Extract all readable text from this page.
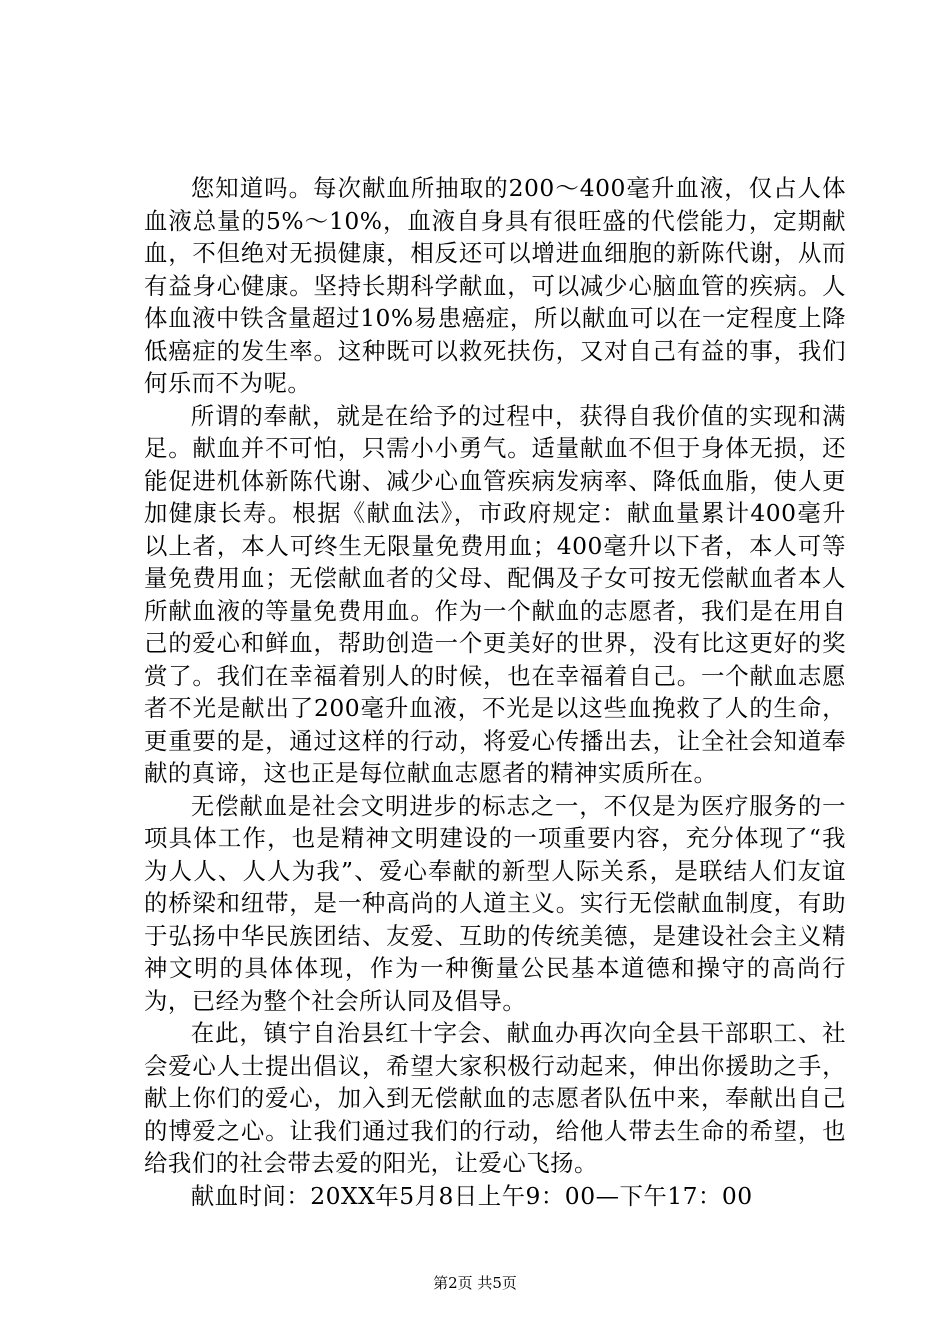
您知道吗。每次献血所抽取的200～400毫升血液，仅占人体血液总量的5%～10%，血液自身具有很旺盛的代偿能力，定期献血，不但绝对无损健康，相反还可以增进血细胞的新陈代谢，从而有益身心健康。坚持长期科学献血，可以减少心脑血管的疾病。人体血液中铁含量超过10%易患癌症，所以献血可以在一定程度上降低癌症的发生率。这种既可以救死扶伤，又对自己有益的事，我们何乐而不为呢。

所谓的奉献，就是在给予的过程中，获得自我价值的实现和满足。献血并不可怕，只需小小勇气。适量献血不但于身体无损，还能促进机体新陈代谢、减少心血管疾病发病率、降低血脂，使人更加健康长寿。根据《献血法》，市政府规定：献血量累计400毫升以上者，本人可终生无限量免费用血；400毫升以下者，本人可等量免费用血；无偿献血者的父母、配偶及子女可按无偿献血者本人所献血液的等量免费用血。作为一个献血的志愿者，我们是在用自己的爱心和鲜血，帮助创造一个更美好的世界，没有比这更好的奖赏了。我们在幸福着别人的时候，也在幸福着自己。一个献血志愿者不光是献出了200毫升血液，不光是以这些血挽救了人的生命，更重要的是，通过这样的行动，将爱心传播出去，让全社会知道奉献的真谛，这也正是每位献血志愿者的精神实质所在。

无偿献血是社会文明进步的标志之一，不仅是为医疗服务的一项具体工作，也是精神文明建设的一项重要内容，充分体现了“我为人人、人人为我”、爱心奉献的新型人际关系，是联结人们友谊的桥梁和纽带，是一种高尚的人道主义。实行无偿献血制度，有助于弘扬中华民族团结、友爱、互助的传统美德，是建设社会主义精神文明的具体体现，作为一种衡量公民基本道德和操守的高尚行为，已经为整个社会所认同及倡导。

在此，镇宁自治县红十字会、献血办再次向全县干部职工、社会爱心人士提出倡议，希望大家积极行动起来，伸出你援助之手，献上你们的爱心，加入到无偿献血的志愿者队伍中来，奉献出自己的博爱之心。让我们通过我们的行动，给他人带去生命的希望，也给我们的社会带去爱的阳光，让爱心飞扬。

献血时间：20XX年5月8日上午9：00—下午17：00

第2页 共5页
